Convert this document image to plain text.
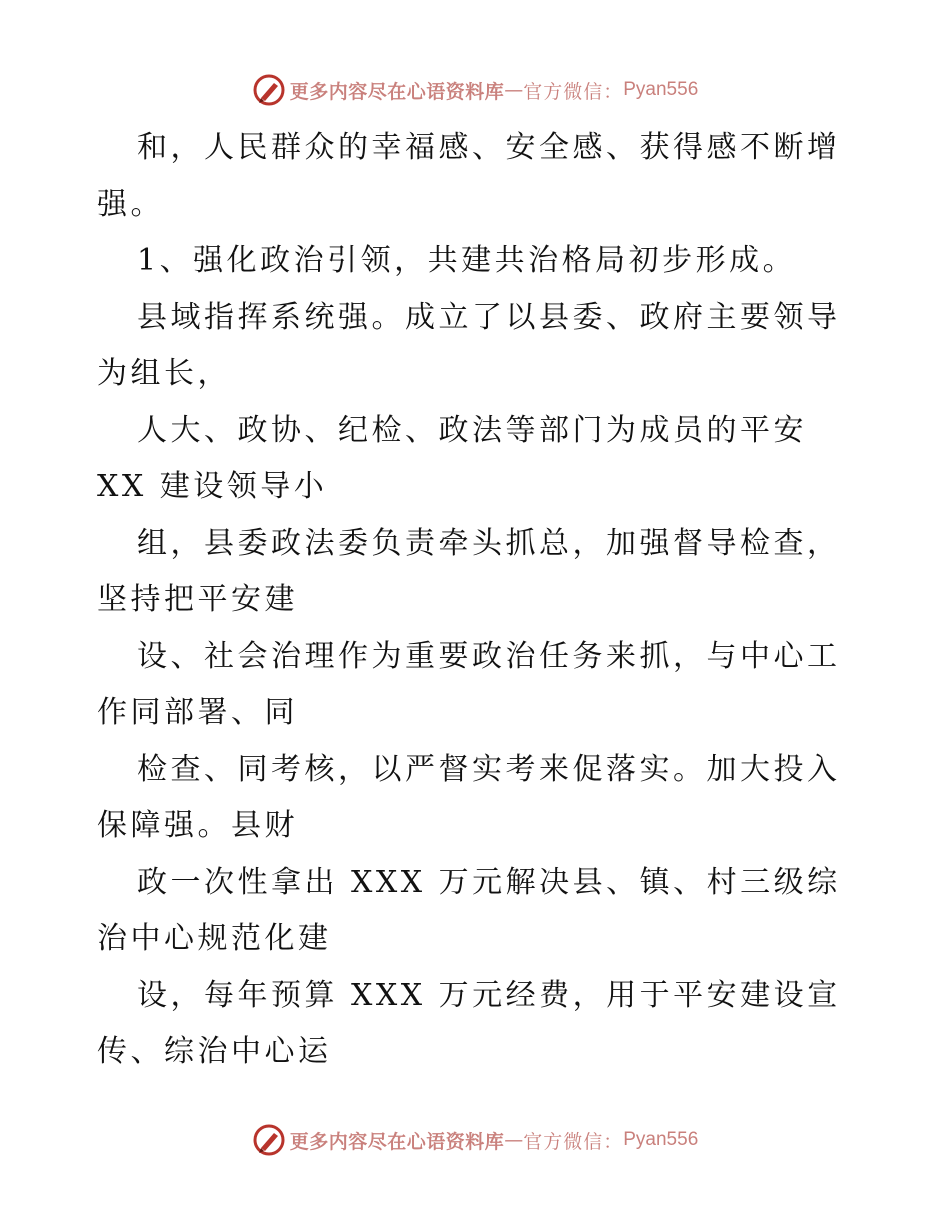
更多内容尽在心语资料库 — 官方微信： Pyan556
和，人民群众的幸福感、安全感、获得感不断增
强。
1、强化政治引领，共建共治格局初步形成。
县域指挥系统强。成立了以县委、政府主要领导
为组长，
人大、政协、纪检、政法等部门为成员的平安
XX 建设领导小
组，县委政法委负责牵头抓总，加强督导检查，
坚持把平安建
设、社会治理作为重要政治任务来抓，与中心工
作同部署、同
检查、同考核，以严督实考来促落实。加大投入
保障强。县财
政一次性拿出 XXX 万元解决县、镇、村三级综
治中心规范化建
设，每年预算 XXX 万元经费，用于平安建设宣
传、综治中心运
更多内容尽在心语资料库 — 官方微信： Pyan556
